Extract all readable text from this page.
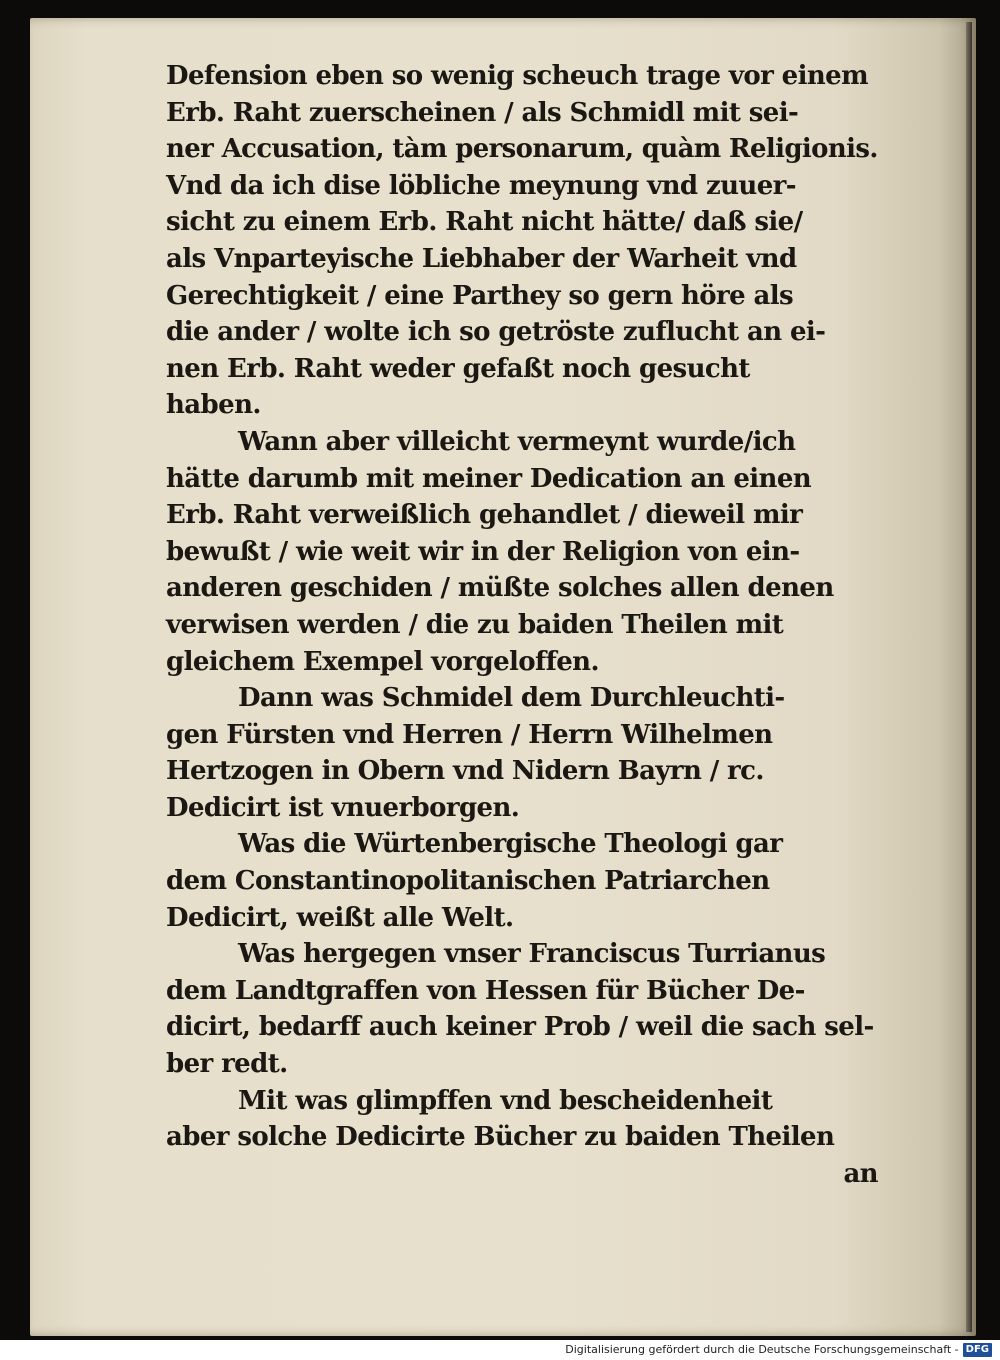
Defension eben so wenig scheuch trage vor einem
Erb. Raht zuerscheinen / als Schmidl mit sei-
ner Accusation, tàm personarum, quàm Religionis.
Vnd da ich dise löbliche meynung vnd zuuer-
sicht zu einem Erb. Raht nicht hätte/ daß sie/
als Vnparteyische Liebhaber der Warheit vnd
Gerechtigkeit / eine Parthey so gern höre als
die ander / wolte ich so getröste zuflucht an ei-
nen Erb. Raht weder gefaßt noch gesucht
haben.
Wann aber villeicht vermeynt wurde/ich
hätte darumb mit meiner Dedication an einen
Erb. Raht verweißlich gehandlet / dieweil mir
bewußt / wie weit wir in der Religion von ein-
anderen geschiden / müßte solches allen denen
verwisen werden / die zu baiden Theilen mit
gleichem Exempel vorgeloffen.
Dann was Schmidel dem Durchleuchti-
gen Fürsten vnd Herren / Herrn Wilhelmen
Hertzogen in Obern vnd Nidern Bayrn / rc.
Dedicirt ist vnuerborgen.
Was die Würtenbergische Theologi gar
dem Constantinopolitanischen Patriarchen
Dedicirt, weißt alle Welt.
Was hergegen vnser Franciscus Turrianus
dem Landtgraffen von Hessen für Bücher De-
dicirt, bedarff auch keiner Prob / weil die sach sel-
ber redt.
Mit was glimpffen vnd bescheidenheit
aber solche Dedicirte Bücher zu baiden Theilen
an
Digitalisierung gefördert durch die Deutsche Forschungsgemeinschaft - DFG
